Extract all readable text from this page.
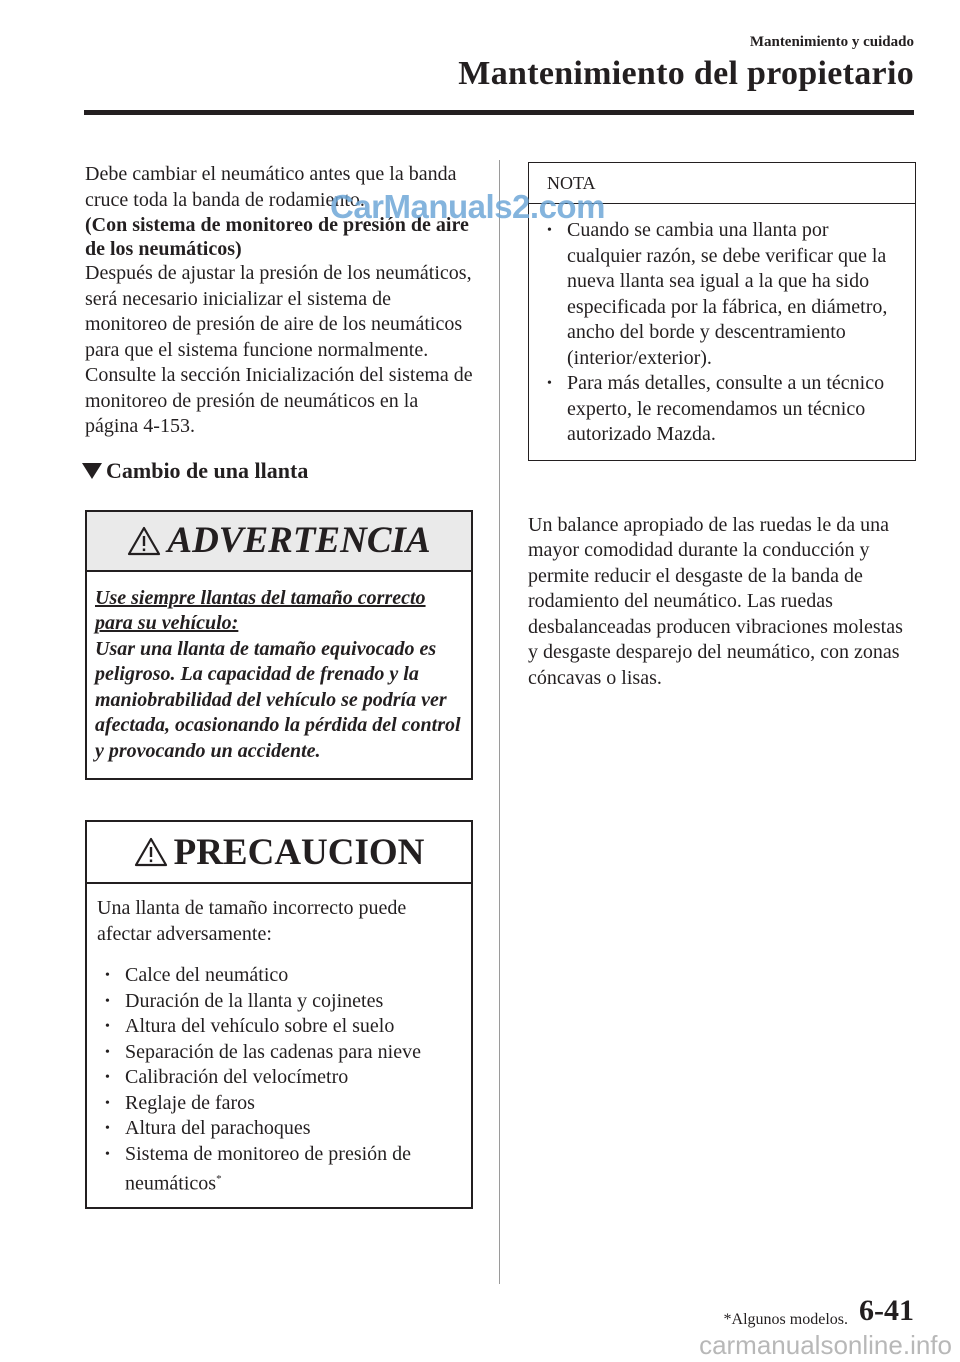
Mantenimiento y cuidado
Mantenimiento del propietario

Debe cambiar el neumático antes que la banda cruce toda la banda de rodamiento.

(Con sistema de monitoreo de presión de aire de los neumáticos)

Después de ajustar la presión de los neumáticos, será necesario inicializar el sistema de monitoreo de presión de aire de los neumáticos para que el sistema funcione normalmente.

Consulte la sección Inicialización del sistema de monitoreo de presión de neumáticos en la página 4-153.

Cambio de una llanta
ADVERTENCIA
Use siempre llantas del tamaño correcto para su vehículo:
Usar una llanta de tamaño equivocado es peligroso. La capacidad de frenado y la maniobrabilidad del vehículo se podría ver afectada, ocasionando la pérdida del control y provocando un accidente.
PRECAUCION
Una llanta de tamaño incorrecto puede afectar adversamente:
• Calce del neumático
• Duración de la llanta y cojinetes
• Altura del vehículo sobre el suelo
• Separación de las cadenas para nieve
• Calibración del velocímetro
• Reglaje de faros
• Altura del parachoques
• Sistema de monitoreo de presión de neumáticos*
NOTA
• Cuando se cambia una llanta por cualquier razón, se debe verificar que la nueva llanta sea igual a la que ha sido especificada por la fábrica, en diámetro, ancho del borde y descentramiento (interior/exterior).
• Para más detalles, consulte a un técnico experto, le recomendamos un técnico autorizado Mazda.

Un balance apropiado de las ruedas le da una mayor comodidad durante la conducción y permite reducir el desgaste de la banda de rodamiento del neumático. Las ruedas desbalanceadas producen vibraciones molestas y desgaste desparejo del neumático, con zonas cóncavas o lisas.

CarManuals2.com
*Algunos modelos. 6-41
carmanualsonline.info
